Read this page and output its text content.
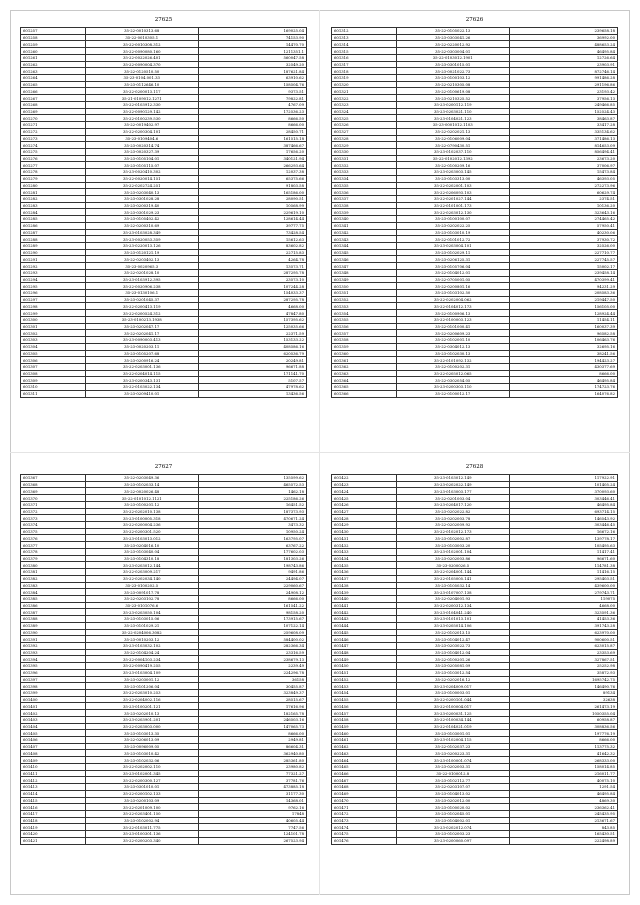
27625
601257	35-22-0010313.68	169025.04
601258	35-22-0010305.1	74153.90
601259	35-22-0010308.312	14470.70
601260	35-22-0090080.160	1211351.1
601261	35-22-0022026.401	560047.58
601262	35-22-0090004.370	32549.20
601263	35-22-0120510.50	187621.84
601264	35-23-0104.001.33	63910.62
601265	35-23-0112646.10	158504.76
601266	35-22-0200013.117	9373.51
601267	35-21-0109012.1271	79822.81
601268	35-22-0103912.330	4767.09
601269	35-22-0090129.142	172536.23
601270	35-22-0100239.530	8666.50
601271	35-22-0019402.97	8666.00
601272	35-22-0200304.101	28450.71
601273	35-23-0109404.6	161515.18
601274	35-23-0020314.74	387466.67
601275	35-23-0020327.39	17656.20
601276	35-23-0105104.01	340121.94
601277	35-23-0105115.07	266293.64
601278	35-23-0020410.302	12037.38
601279	35-22-0020014.151	65375.66
601280	35-22-0202724.251	91803.58
601281	35-23-0203040.13	165186.00
601282	35-23-0301028.28	28090.51
601283	35-23-0200319.40	10568.99
601284	35-23-0301029.23	229619.10
601285	35-23-0105402.42	128614.44
601286	35-22-0200310.69	39777.75
601287	35-23-0103028.349	73428.54
601288	35-23-0020053.359	15612.63
601289	35-23-0220013.126	83602.82
601290	35-23-0120121.19	22715.83
601291	35-22-0203402.13	4264.78
601292	35-23-0020965.3	13573.71
601293	35-22-0201028.10	287295.78
601294	35-23-0103912.395	23573.10
601295	35-22-0020906.238	107244.28
601296	35-23-0130106.1	154033.37
601297	35-23-0201045.37	287295.78
601298	35-22-0200413.119	4668.00
601299	35-22-0200524.312	47847.80
601300	35-23-0100213.1938	157395.62
601301	35-23-0202047.17	125035.66
601302	35-22-0202041.17	22371.59
601303	35-23-0090003.413	153133.22
601304	35-23-0020203.11	408586.16
601305	35-23-0105207.68	620536.79
601306	35-23-0200916.24	20249.81
601307	35-22-0203001.136	96671.88
601308	35-22-0204014.115	171141.70
601309	35-23-0200343.131	5107.57
601310	35-22-0103022.134	47978.62
601311	35-23-0209410.01	13436.56
27626
601312	35-22-0105022.13	239658.18
601313	35-23-0303041.26	36992.00
601314	35-22-0220012.92	488653.24
601315	35-22-0303004.01	46495.84
601316	35-22-0103012.1901	12726.64
601317	35-23-0301015.01	23903.91
601318	35-23-0021022.73	872746.14
601319	35-23-0100103.12	991486.28
601320	35-22-0210305.08	291196.86
601321	35-22-0100619.08	23193.42
601322	35-23-0210325.52	37956.13
601323	35-23-0200112.119	249466.85
601324	35-23-0203021.110	152524.43
601325	35-23-0104021.123	38463.87
601326	35-23-0001012.1103	33417.28
601327	35-22-0202021.13	335134.62
601328	35-22-0106009.04	371486.13
601329	35-22-0790430.51	814653.09
601330	35-23-0102037.110	856494.41
601331	35-22-0102012.1392	23673.20
601332	35-22-0100209.16	37006.97
601333	35-23-0203003.145	15473.84
601334	35-23-0103313.00	46393.05
601335	35-22-0202001.103	272273.96
601336	35-22-0206093.103	60629.74
601337	35-22-0201027.144	2374.51
601338	35-22-0101001.173	10136.20
601339	35-22-0203012.130	323643.16
601340	35-23-0100100.07	274465.42
601341	35-23-0202022.25	57950.41
601342	35-23-0103010.19	40230.06
601343	35-22-0101012.72	37930.72
601344	35-23-0203004.101	32526.00
601345	35-23-0102029.11	227710.77
601346	35-23-0206125.31	227745.57
601347	35-23-0105706.04	15002.17
601348	35-22-0104012.01	239458.14
601349	35-22-0705001.05	470399.41
601350	35-22-0200801.16	94231.29
601351	35-23-0103102.50	208583.36
601352	35-22-0202004.062	219447.50
601353	35-22-0104012.173	156105.00
601354	35-22-0100906.13	128924.44
601355	35-22-0100003.123	11454.11
601356	35-22-0101000.41	160037.39
601357	35-22-0200609.23	96582.58
601358	35-22-0102001.10	106463.76
601359	35-22-0304012.13	32695.16
601360	35-23-0102030.13	38241.56
601361	35-22-0101092.132	194423.27
601362	35-22-0100202.31	430377.69
601363	35-22-0205012.065	8666.00
601364	35-22-0302054.05	46495.84
601365	35-23-0200303.110	174723.76
601366	35-22-0100012.17	164076.82
27627
601367	35-22-0203049.36	135599.62
601368	35-23-0102033.14	465572.53
601369	35-22-0020026.48	1462.18
601370	35-22-0101012.1121	225186.26
601371	35-23-0100201.12	16451.52
601372	35-22-0202010.138	187373.93
601373	35-23-0100005.318	470671.24
601374	35-22-0200004.236	3473.32
601375	35-22-0200301.520	10950.24
601376	35-23-0103013.012	163795.07
601377	35-23-0204016.10	63767.22
601378	35-23-0103040.04	177602.03
601379	35-23-0104310.18	181303.26
601380	35-23-0203012.144	198743.86
601381	35-22-0203009.217	9491.86
601382	35-22-0202034.140	24494.07
601383	35-23-0100202.5	229060.67
601384	35-23-0091017.78	24908.12
601385	35-22-0203102.78	8666.00
601386	35-23-0101076.6	161541.22
601387	35-23-0203050.104	98158.20
601388	35-23-0103015.06	173915.67
601389	35-23-0101029.21	107122.14
601390	35-22-0204006.3082	259608.09
601391	35-23-0010203.12	584400.02
601392	35-23-0103032.102	282366.34
601393	35-22-0104204.24	23316.59
601394	35-22-0004103.234	238679.13
601395	35-22-0090419.255	2239.49
601396	35-23-0103004.109	224296.78
601397	35-23-0203001.12	36158
601398	35-23-0101206.04	30455.87
601399	35-22-0203010.253	323849.37
601400	35-22-0204002.116	28515.67
601401	35-23-0100201.121	17616.96
601402	35-23-0202010.13	182165.78
601403	35-23-0203901.201	246503.16
601404	35-22-0203003.000	147065.73
601405	35-23-0103013.35	8666.00
601406	35-22-0206013.09	2949.81
601407	35-23-0096009.05	86604.31
601408	35-23-0103010.42	362940.80
601409	35-23-0102032.06	285361.80
601410	35-22-0202002.110	23980.82
601411	35-23-0102001.345	77321.27
601412	35-22-0200300.127	37781.76
601413	35-23-0301010.01	473885.18
601414	35-22-0200102.133	31177.30
601415	35-23-0200103.09	14368.01
601416	35-22-0201009.100	9762.16
601417	35-22-0203401.150	17848
601418	35-23-0102002.94	40605.44
601419	35-22-0103011.775	7747.56
601420	35-23-0100301.136	124101.78
601421	35-22-0200203.340	267523.94
27628
601422	35-23-0103012.149	117922.91
601423	35-23-0202022.149	101405.24
601424	35-23-0103003.177	370093.60
601425	35-22-0201003.04	303446.41
601426	35-23-0204017.120	46495.84
601427	35-23-0202022.82	693714.15
601428	35-23-0202003.78	146543.92
601429	35-22-0202009.92	303446.45
601430	35-22-0102012.173	16672.16
601431	35-23-0102002.87	139778.17
601432	35-23-0103003.20	105495.63
601433	35-23-0102001.104	11417.41
601434	35-23-0202003.86	96671.60
601435	35-23-0200026.5	114781.38
601436	35-22-0204001.144	11416.15
601437	35-22-0105005.141	295403.51
601438	35-23-0105032.14	439600.00
601439	35-23-0107007.138	279743.71
601440	35-22-0204001.93	119075
601441	35-22-0200312.134	4668.00
601442	35-23-0104041.240	323591.36
601443	35-23-0101013.101	41453.36
601444	35-23-0205014.106	391743.28
601445	35-22-0102013.15	623970.00
601446	35-23-0104012.47	900600.51
601447	35-23-0203022.73	623015.87
601448	35-23-0104012.04	23353.69
601449	35-22-0100201.26	327867.51
601450	35-23-0205081.09	25252.98
601451	35-23-0103012.54	35872.93
601452	35-22-0202016.12	1695742.75
601453	35-23-0204009.017	146490.76
601454	35-23-0100003.01	89134
601455	35-22-0200101.044	32638
601456	35-22-0100004.017	261473.19
601457	35-23-0200031.125	1050355.04
601458	35-22-0100034.144	60958.87
601459	35-22-0104021.019	308836.56
601460	35-23-0103001.01	197776.19
601461	35-23-0102004.115	8666.00
601462	35-22-0102037.23	113775.32
601463	35-23-0200223.31	41642.32
601464	35-23-0100001.074	268333.00
601465	35-23-0202003.31	158014.85
601466	35-22-0100012.8	216011.77
601467	35-23-0102112.77	40075.10
601468	35-22-0203107.07	1291.54
601469	35-23-0104013.02	46495.84
601470	35-23-0202012.00	4869.30
601471	35-23-0100020.02	236362.41
601472	35-23-0102045.01	245435.95
601473	35-23-0104002.01	213671.67
601474	35-23-0202012.074	843.85
601475	35-23-0102003.23	165430.51
601476	35-23-0200060.097	222498.89
